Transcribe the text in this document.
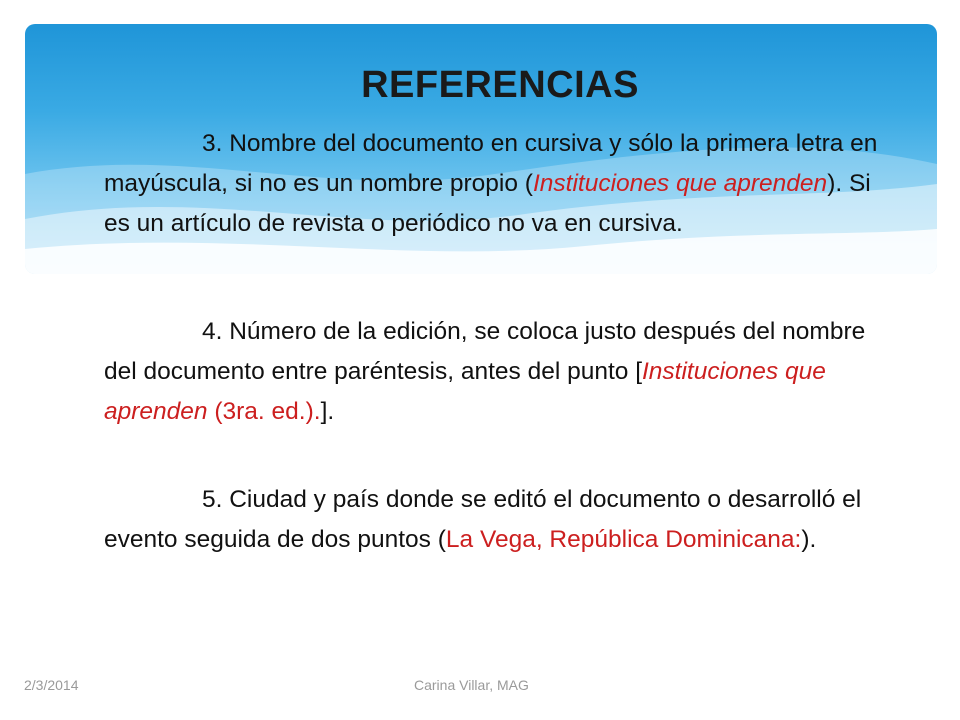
REFERENCIAS

3. Nombre del documento en cursiva y sólo la primera letra en mayúscula, si no es un nombre propio (Instituciones que aprenden). Si es un artículo de revista o periódico no va en cursiva.

4. Número de la edición, se coloca justo después del nombre del documento entre paréntesis, antes del punto [Instituciones que aprenden (3ra. ed.).].

5. Ciudad y país donde se editó el documento o desarrolló el evento seguida de dos puntos (La Vega, República Dominicana:).

2/3/2014	Carina Villar, MAG
